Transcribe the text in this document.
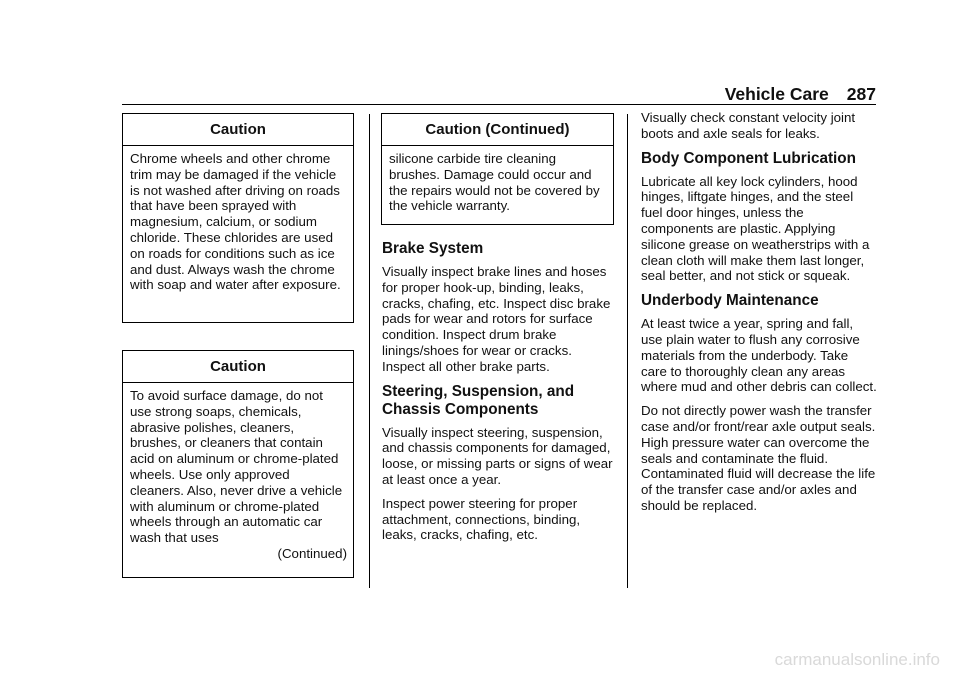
Vehicle Care 287
Caution
Chrome wheels and other chrome trim may be damaged if the vehicle is not washed after driving on roads that have been sprayed with magnesium, calcium, or sodium chloride. These chlorides are used on roads for conditions such as ice and dust. Always wash the chrome with soap and water after exposure.
Caution
To avoid surface damage, do not use strong soaps, chemicals, abrasive polishes, cleaners, brushes, or cleaners that contain acid on aluminum or chrome-plated wheels. Use only approved cleaners. Also, never drive a vehicle with aluminum or chrome-plated wheels through an automatic car wash that uses
(Continued)
Caution (Continued)
silicone carbide tire cleaning brushes. Damage could occur and the repairs would not be covered by the vehicle warranty.
Brake System

Visually inspect brake lines and hoses for proper hook-up, binding, leaks, cracks, chafing, etc. Inspect disc brake pads for wear and rotors for surface condition. Inspect drum brake linings/shoes for wear or cracks. Inspect all other brake parts.

Steering, Suspension, and Chassis Components

Visually inspect steering, suspension, and chassis components for damaged, loose, or missing parts or signs of wear at least once a year.

Inspect power steering for proper attachment, connections, binding, leaks, cracks, chafing, etc.

Visually check constant velocity joint boots and axle seals for leaks.

Body Component Lubrication

Lubricate all key lock cylinders, hood hinges, liftgate hinges, and the steel fuel door hinges, unless the components are plastic. Applying silicone grease on weatherstrips with a clean cloth will make them last longer, seal better, and not stick or squeak.

Underbody Maintenance

At least twice a year, spring and fall, use plain water to flush any corrosive materials from the underbody. Take care to thoroughly clean any areas where mud and other debris can collect.

Do not directly power wash the transfer case and/or front/rear axle output seals. High pressure water can overcome the seals and contaminate the fluid. Contaminated fluid will decrease the life of the transfer case and/or axles and should be replaced.

carmanualsonline.info
